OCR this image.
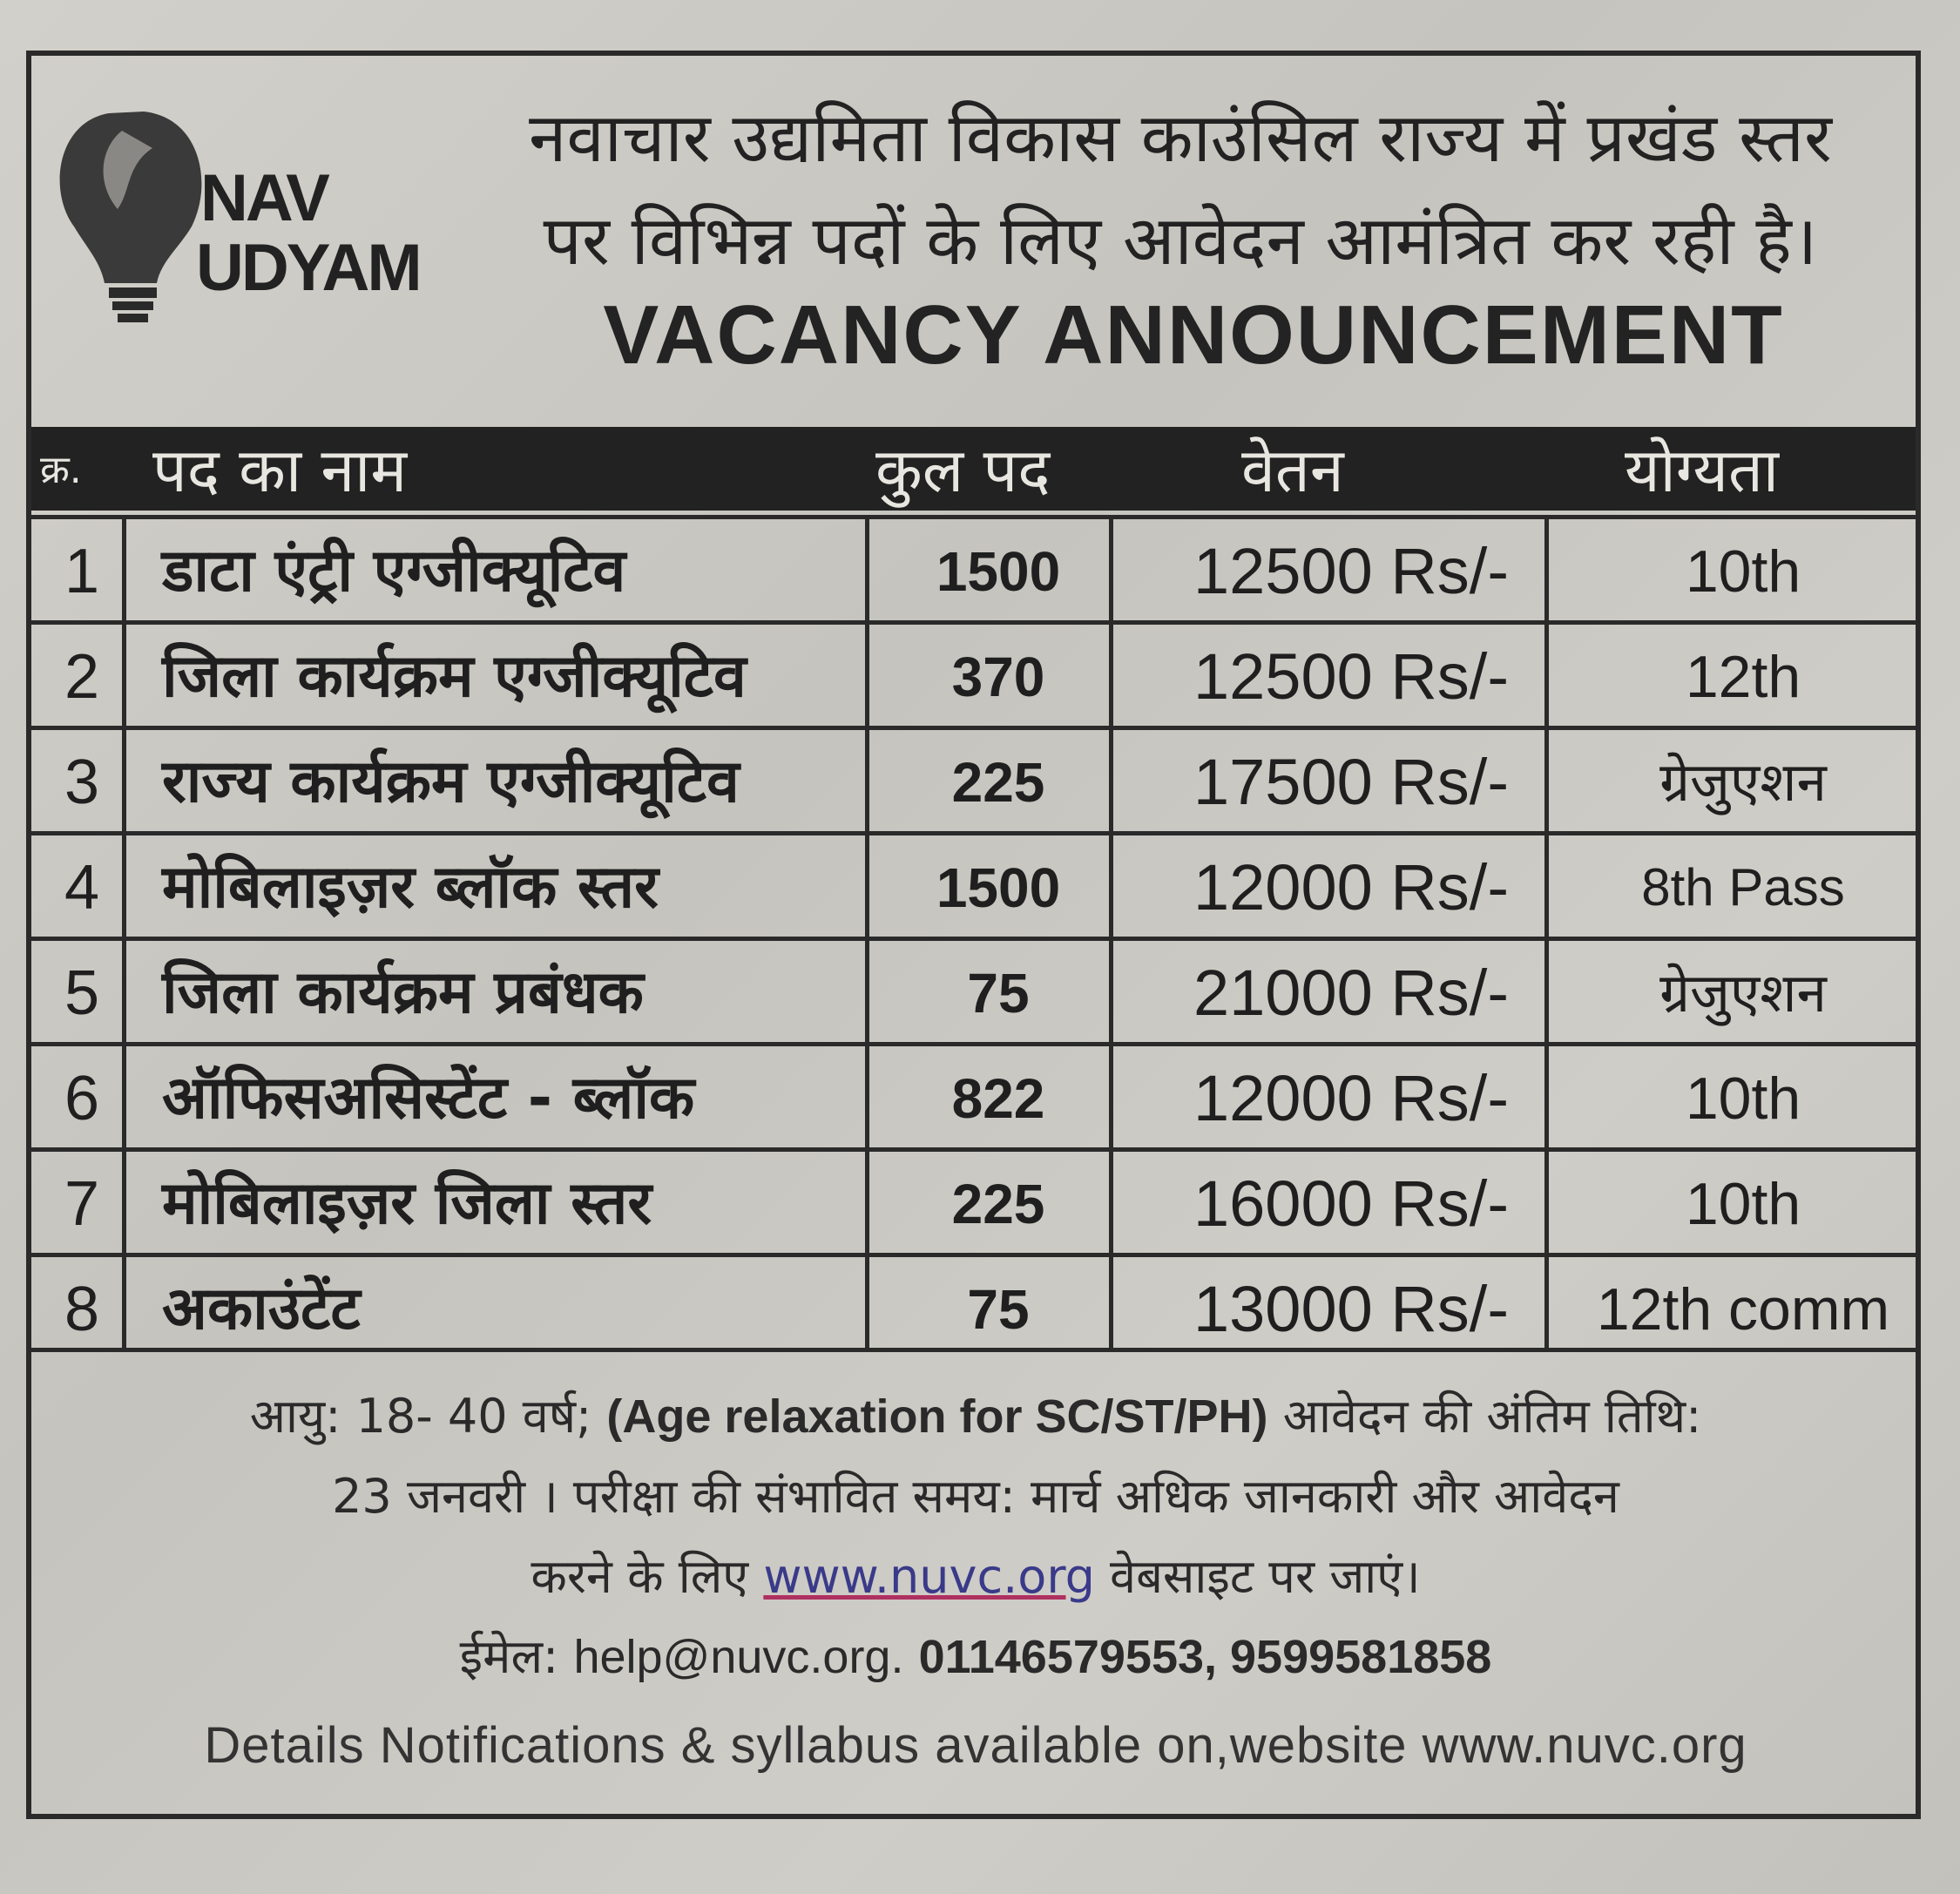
NAV
UDYAM
नवाचार उद्यमिता विकास काउंसिल राज्य में प्रखंड स्तर
पर विभिन्न पदों के लिए आवेदन आमंत्रित कर रही है।
VACANCY ANNOUNCEMENT
क्र. पद का नाम	कुल पद	वेतन	योग्यता
1 डाटा एंट्री एग्जीक्यूटिव	1500	12500 Rs/-	10th
2 जिला कार्यक्रम एग्जीक्यूटिव	370	12500 Rs/-	12th
3 राज्य कार्यक्रम एग्जीक्यूटिव	225	17500 Rs/-	ग्रेजुएशन
4 मोबिलाइज़र ब्लॉक स्तर	1500	12000 Rs/-	8th Pass
5 जिला कार्यक्रम प्रबंधक	75	21000 Rs/-	ग्रेजुएशन
6 ऑफिसअसिस्टेंट - ब्लॉक	822	12000 Rs/-	10th
7 मोबिलाइज़र जिला स्तर	225	16000 Rs/-	10th
8 अकाउंटेंट	75	13000 Rs/-	12th comm
आयु: 18- 40 वर्ष; (Age relaxation for SC/ST/PH) आवेदन की अंतिम तिथि:
23 जनवरी । परीक्षा की संभावित समय: मार्च अधिक जानकारी और आवेदन
करने के लिए www.nuvc.org वेबसाइट पर जाएं।
ईमेल: help@nuvc.org. 01146579553, 9599581858
Details Notifications & syllabus available on,website www.nuvc.org
